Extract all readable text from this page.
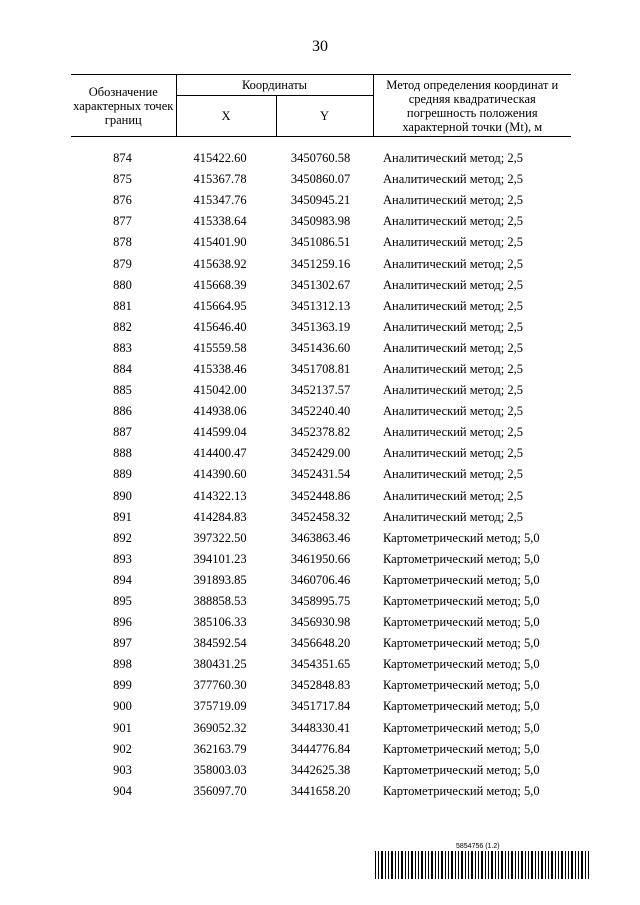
30
Обозначение характерных точек границ	Координаты		Метод определения координат и средняя квадратическая погрешность положения характерной точки (Mt), м
	X	Y	

874	415422.60	3450760.58	Аналитический метод; 2,5
875	415367.78	3450860.07	Аналитический метод; 2,5
876	415347.76	3450945.21	Аналитический метод; 2,5
877	415338.64	3450983.98	Аналитический метод; 2,5
878	415401.90	3451086.51	Аналитический метод; 2,5
879	415638.92	3451259.16	Аналитический метод; 2,5
880	415668.39	3451302.67	Аналитический метод; 2,5
881	415664.95	3451312.13	Аналитический метод; 2,5
882	415646.40	3451363.19	Аналитический метод; 2,5
883	415559.58	3451436.60	Аналитический метод; 2,5
884	415338.46	3451708.81	Аналитический метод; 2,5
885	415042.00	3452137.57	Аналитический метод; 2,5
886	414938.06	3452240.40	Аналитический метод; 2,5
887	414599.04	3452378.82	Аналитический метод; 2,5
888	414400.47	3452429.00	Аналитический метод; 2,5
889	414390.60	3452431.54	Аналитический метод; 2,5
890	414322.13	3452448.86	Аналитический метод; 2,5
891	414284.83	3452458.32	Аналитический метод; 2,5
892	397322.50	3463863.46	Картометрический метод; 5,0
893	394101.23	3461950.66	Картометрический метод; 5,0
894	391893.85	3460706.46	Картометрический метод; 5,0
895	388858.53	3458995.75	Картометрический метод; 5,0
896	385106.33	3456930.98	Картометрический метод; 5,0
897	384592.54	3456648.20	Картометрический метод; 5,0
898	380431.25	3454351.65	Картометрический метод; 5,0
899	377760.30	3452848.83	Картометрический метод; 5,0
900	375719.09	3451717.84	Картометрический метод; 5,0
901	369052.32	3448330.41	Картометрический метод; 5,0
902	362163.79	3444776.84	Картометрический метод; 5,0
903	358003.03	3442625.38	Картометрический метод; 5,0
904	356097.70	3441658.20	Картометрический метод; 5,0
5854756 (1.2)
